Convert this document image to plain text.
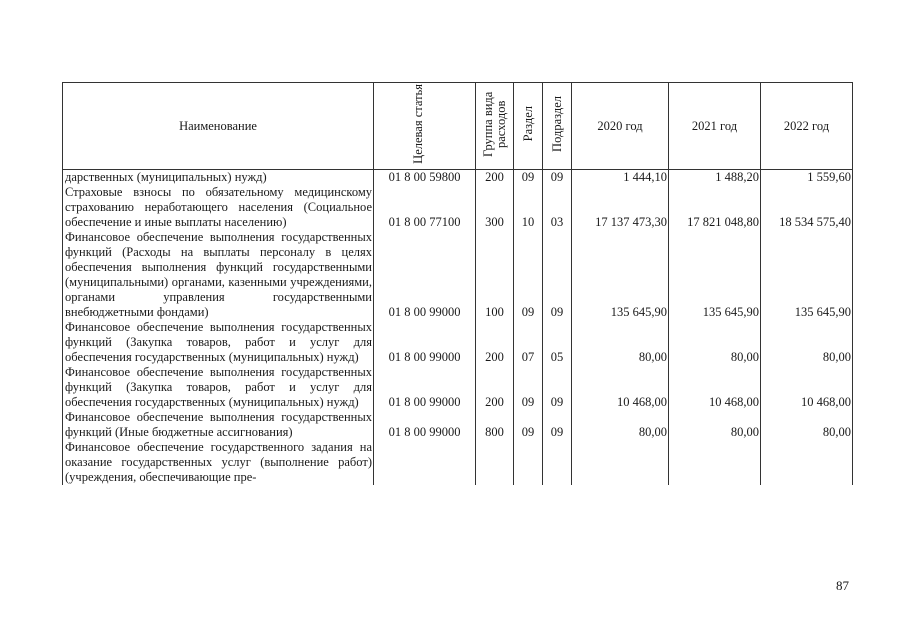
Наименование	Целевая статья	Группа вида расходов	Раздел	Подраздел	2020 год	2021 год	2022 год
дарственных (муниципальных) нужд)	01 8 00 59800	200	09	09	1 444,10	1 488,20	1 559,60
Страховые взносы по обязательному медицинскому страхованию неработающего населения (Социальное обеспечение и иные выплаты населению)	01 8 00 77100	300	10	03	17 137 473,30	17 821 048,80	18 534 575,40
Финансовое обеспечение выполнения государственных функций (Расходы на выплаты персоналу в целях обеспечения выполнения функций государственными (муниципальными) органами, казенными учреждениями, органами управления государственными внебюджетными фондами)	01 8 00 99000	100	09	09	135 645,90	135 645,90	135 645,90
Финансовое обеспечение выполнения государственных функций (Закупка товаров, работ и услуг для обеспечения государственных (муниципальных) нужд)	01 8 00 99000	200	07	05	80,00	80,00	80,00
Финансовое обеспечение выполнения государственных функций (Закупка товаров, работ и услуг для обеспечения государственных (муниципальных) нужд)	01 8 00 99000	200	09	09	10 468,00	10 468,00	10 468,00
Финансовое обеспечение выполнения государственных функций (Иные бюджетные ассигнования)	01 8 00 99000	800	09	09	80,00	80,00	80,00
Финансовое обеспечение государственного задания на оказание государственных услуг (выполнение работ) (учреждения, обеспечивающие пре-							
87
